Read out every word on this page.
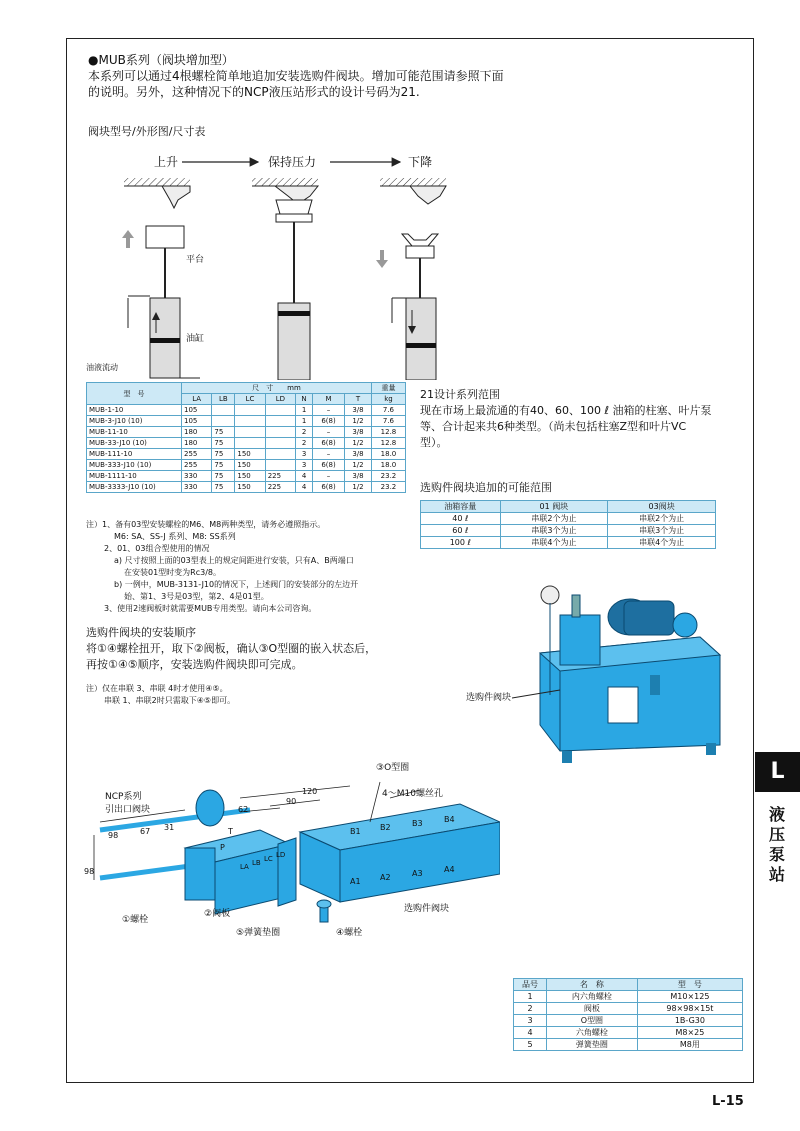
●MUB系列（阀块增加型）
本系列可以通过4根螺栓简单地追加安装选购件阀块。增加可能范围请参照下面
的说明。另外，这种情况下的NCP液压站形式的设计号码为21.
阀块型号/外形图/尺寸表
上升	保持压力	下降
平台
油缸
油液流动
型　号	尺　寸　　mm							重量
	LA	LB	LC	LD	N	M	T	kg
MUB-1-10	105				1	–	3/8	7.6
MUB-3-J10 (10)	105				1	6(8)	1/2	7.6
MUB-11-10	180	75			2	–	3/8	12.8
MUB-33-J10 (10)	180	75			2	6(8)	1/2	12.8
MUB-111-10	255	75	150		3	–	3/8	18.0
MUB-333-J10 (10)	255	75	150		3	6(8)	1/2	18.0
MUB-1111-10	330	75	150	225	4	–	3/8	23.2
MUB-3333-J10 (10)	330	75	150	225	4	6(8)	1/2	23.2
注）1、备有03型安装螺栓的M6、M8两种类型，请务必遵照指示。
M6: SA、SS-J 系列、M8: SS系列
2、01、03组合型使用的情况
a) 尺寸按照上面的03型表上的规定间距进行安装，只有A、B两端口
在安装01型时变为Rc3/8。
b) 一例中，MUB-3131-J10的情况下，上述阀门的安装部分的左边开
始、第1、3号是03型，第2、4是01型。
3、使用2速阀板时就需要MUB专用类型。请向本公司咨询。
21设计系列范围
现在市场上最流通的有40、60、100 ℓ 油箱的柱塞、叶片泵
等、合计起来共6种类型。（尚未包括柱塞Z型和叶片VC
型）。
选购件阀块追加的可能范围
油箱容量	01 阀块	03阀块
40 ℓ	串联2个为止	串联2个为止
60 ℓ	串联3个为止	串联3个为止
100 ℓ	串联4个为止	串联4个为止
选购件阀块
选购件阀块的安装顺序
将①④螺栓扭开，取下②阀板，确认③O型圈的嵌入状态后，
再按①④⑤顺序，安装选购件阀块即可完成。
注）仅在串联 3、串联 4时才使用④⑤。
串联 1、串联2时只需取下④⑤即可。
NCP系列
引出口阀块
③O型圈
4～M10螺丝孔
120
90
62
98	67 31
98
T
P
LA LB LC LD
B1 B2	B3	B4
A1 A2	A3	A4
①螺栓
②阀板
⑤弹簧垫圈	④螺栓
选购件阀块
品号	名　称	型　号
1	内六角螺栓	M10×125
2	阀板	98×98×15t
3	O型圈	1B-G30
4	六角螺栓	M8×25
5	弹簧垫圈	M8用
L
液压泵站
L-15
